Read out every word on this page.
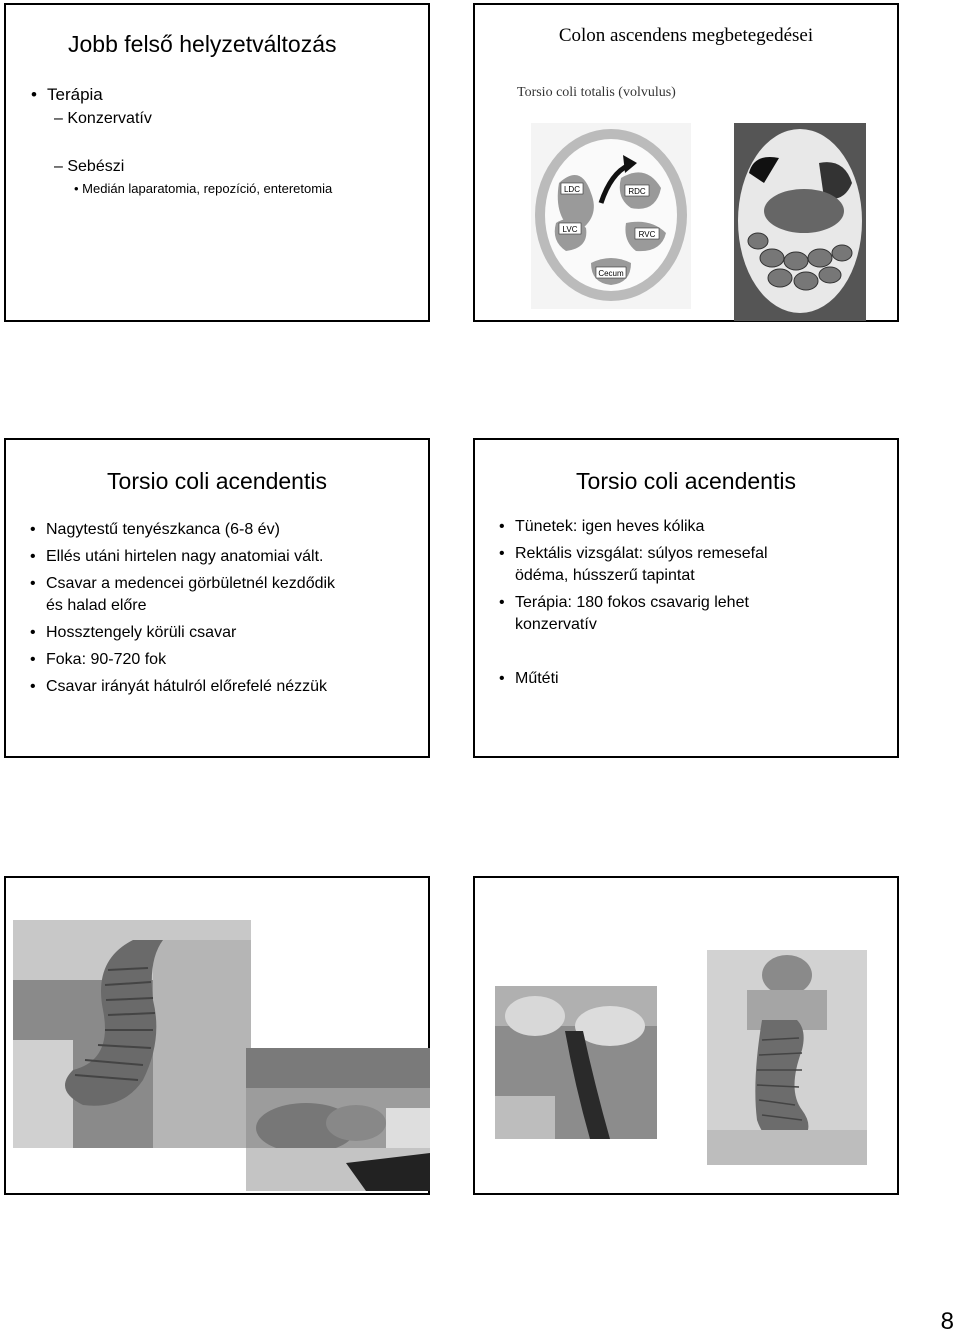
Jobb felső helyzetváltozás
• Terápia
– Konzervatív
– Sebészi
• Medián laparatomia, repozíció, enteretomia
Colon ascendens megbetegedései
Torsio coli totalis (volvulus)
LDC	RDC
LVC
RVC
Cecum
Torsio coli acendentis
• Nagytestű tenyészkanca (6-8 év)
• Ellés utáni hirtelen nagy anatomiai vált.
• Csavar a medencei görbületnél kezdődik
és halad előre
• Hossztengely körüli csavar
• Foka: 90-720 fok
• Csavar irányát hátulról előrefelé nézzük
Torsio coli acendentis
• Tünetek: igen heves kólika
• Rektális vizsgálat: súlyos remesefal
ödéma, hússzerű tapintat
• Terápia: 180 fokos csavarig lehet
konzervatív
• Műtéti
8
